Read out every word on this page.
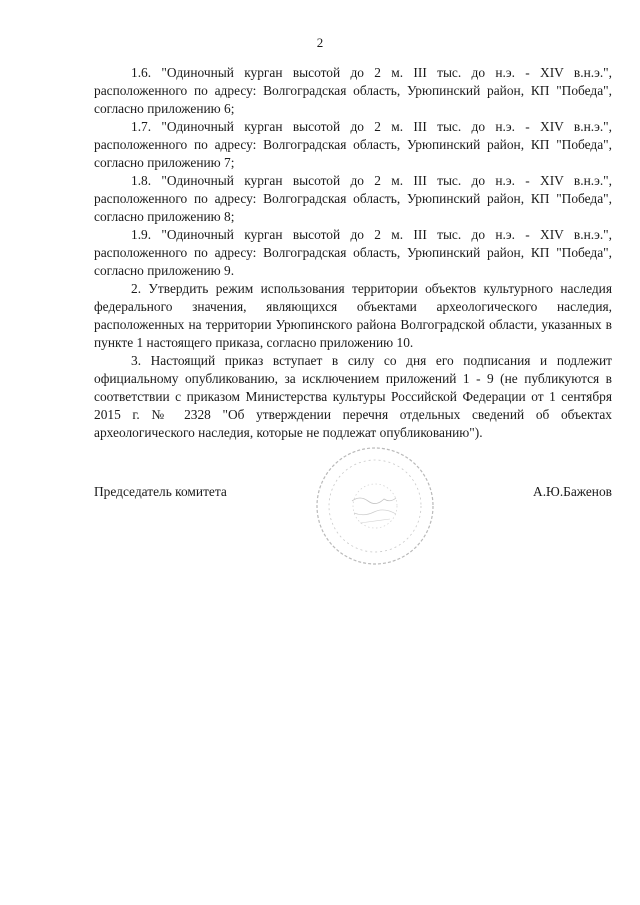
2

1.6. "Одиночный курган высотой до 2 м. III тыс. до н.э. - XIV в.н.э.", расположенного по адресу: Волгоградская область, Урюпинский район, КП "Победа", согласно приложению 6;

1.7. "Одиночный курган высотой до 2 м. III тыс. до н.э. - XIV в.н.э.", расположенного по адресу: Волгоградская область, Урюпинский район, КП "Победа", согласно приложению 7;

1.8. "Одиночный курган высотой до 2 м. III тыс. до н.э. - XIV в.н.э.", расположенного по адресу: Волгоградская область, Урюпинский район, КП "Победа", согласно приложению 8;

1.9. "Одиночный курган высотой до 2 м. III тыс. до н.э. - XIV в.н.э.", расположенного по адресу: Волгоградская область, Урюпинский район, КП "Победа", согласно приложению 9.

2. Утвердить режим использования территории объектов культурного наследия федерального значения, являющихся объектами археологического наследия, расположенных на территории Урюпинского района Волгоградской области, указанных в пункте 1 настоящего приказа, согласно приложению 10.

3. Настоящий приказ вступает в силу со дня его подписания и подлежит официальному опубликованию, за исключением приложений 1 - 9 (не публикуются в соответствии с приказом Министерства культуры Российской Федерации от 1 сентября 2015 г. № 2328 "Об утверждении перечня отдельных сведений об объектах археологического наследия, которые не подлежат опубликованию").

Председатель комитета	А.Ю.Баженов
